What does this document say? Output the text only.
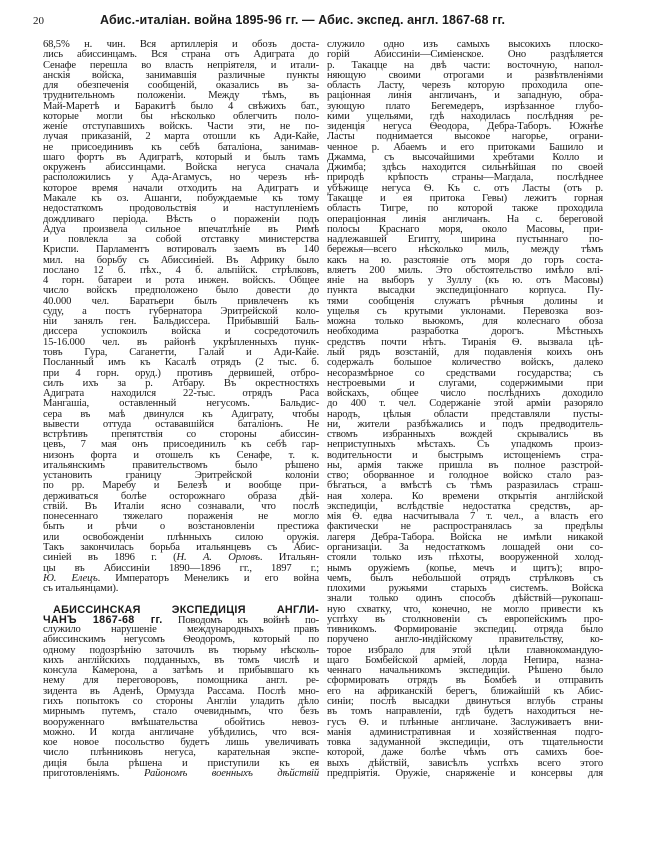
20	Абис.-италіан. война 1895-96 гг. — Абис. экспед. англ. 1867-68 гг.
68,5% н. чин. Вся артиллерія и обозъ доста-
лись абиссинцамъ. Вся страна отъ Адиграта до
Сенафе перешла во власть непріятеля, и итали-
анскія войска, занимавшія различные пункты
для обезпеченія сообщеній, оказались въ за-
труднительномъ положеніи. Между тѣмъ, въ
Май-Маретѣ и Баракитѣ было 4 свѣжихъ бат.,
которые могли бы нѣсколько облегчить поло-
женіе отступавшихъ войскъ. Части эти, не по-
лучая приказаній, 2 марта отошли къ Ади-Кайе,
не присоединивъ къ себѣ баталіона, занимав-
шаго фортъ въ Адигратѣ, который и былъ тамъ
окруженъ абиссинцами. Войска негуса сначала
расположились у Ада-Агамусъ, но черезъ нѣ-
которое время начали отходить на Адигратъ и
Макале къ оз. Ашанги, побуждаемые къ тому
недостаткомъ продовольствія и наступленіемъ
дождливаго періода. Вѣсть о пораженіи подъ
Адуа произвела сильное впечатлѣніе въ Римѣ
и повлекла за собой отставку министерства
Криспи. Парламентъ вотировалъ заемъ въ 140
мил. на борьбу съ Абиссиніей. Въ Африку было
послано 12 б. пѣх., 4 б. альпійск. стрѣлковъ,
4 горн. батареи и рота инжен. войскъ. Общее
число войскъ предположено было довести до
40.000 чел. Баратьери былъ привлеченъ къ
суду, а постъ губернатора Эритрейской коло-
ніи занялъ ген. Бальдиссера. Прибывшій Баль-
диссера успокоилъ войска и сосредоточилъ
15-16.000 чел. въ районѣ укрѣпленныхъ пунк-
товъ Гура, Саганетти, Галай и Ади-Кайе.
Посланный имъ къ Касалѣ отрядъ (2 тыс. б.
при 4 горн. оруд.) противъ дервишей, отбро-
силъ ихъ за р. Атбару. Въ окрестностяхъ
Адиграта находился 22-тыс. отрядъ Раса
Мангашіа, оставленный негусомъ. Бальдис-
сера въ маѣ двинулся къ Адиграту, чтобы
вывести оттуда остававшійся баталіонъ. Не
встрѣтивъ препятствія со стороны абиссин-
цевъ, 7 мая онъ присоединилъ къ себѣ гар-
низонъ форта и отошелъ къ Сенафе, т. к.
итальянскимъ правительствомъ было рѣшено
установить границу Эритрейской колоніи
по рр. Маребу и Белезѣ и вообще при-
держиваться болѣе осторожнаго образа дѣй-
ствій. Въ Италіи ясно сознавали, что послѣ
понесеннаго тяжелаго пораженія не могло
быть и рѣчи о возстановленіи престижа
или освобожденіи плѣнныхъ силою оружія.
Такъ закончилась борьба итальянцевъ съ Абис-
синіей въ 1896 г. (Н. А. Орловъ. Итальян-
цы въ Абиссиніи 1890—1896 гг., 1897 г.;
Ю. Елецъ. Императоръ Менеликъ и его война
съ итальянцами).
АБИССИНСКАЯ ЭКСПЕДИЦІЯ АНГЛИ-
ЧАНЪ 1867-68 гг. Поводомъ къ войнѣ по-
служило нарушеніе международныхъ правъ
абиссинскимъ негусомъ Ѳеодоромъ, который по
одному подозрѣнію заточилъ въ тюрьму нѣсколь-
кихъ англійскихъ подданныхъ, въ томъ числѣ и
консула Камерона, а затѣмъ и прибывшаго къ
нему для переговоровъ, помощника англ. ре-
зидента въ Аденѣ, Ормузда Рассама. Послѣ мно-
гихъ попытокъ со стороны Англіи уладить дѣло
мирнымъ путемъ, стало очевиднымъ, что безъ
вооруженнаго вмѣшательства обойтись невоз-
можно. И когда англичане убѣдились, что вся-
кое новое посольство будетъ лишь увеличивать
число плѣнниковъ негуса, карательная экспе-
диція была рѣшена и приступили къ ея
приготовленіямъ. Райономъ военныхъ дѣйствій
служило одно изъ самыхъ высокихъ плоско-
горій Абиссиніи—Симіенское. Оно раздѣляется
р. Такацце на двѣ части: восточную, напол-
няющую своими отрогами и развѣтвленіями
область Ласту, черезъ которую проходила опе-
раціонная линія англичанъ, и западную, обра-
зующую плато Бегемедеръ, изрѣзанное глубо-
кими ущельями, гдѣ находилась послѣдняя ре-
зиденція негуса Ѳеодора, Дебра-Таборъ. Южнѣе
Ласты поднимается высокое нагорье, ограни-
ченное р. Абаемъ и его притоками Башило и
Джамма, съ высочайшими хребтами Колло и
Джимба; здѣсь находится сильнѣйшая по своей
природѣ крѣпость страны—Магдала, послѣднее
убѣжище негуса Ѳ. Къ с. отъ Ласты (отъ р.
Такацце и ея притока Гевы) лежитъ горная
область Тигре, по которой также проходила
операціонная линія англичанъ. На с. береговой
полосы Краснаго моря, около Масовы, при-
надлежавшей Египту, ширина пустыннаго по-
бережья—всего нѣсколько миль, между тѣмъ
какъ на ю. разстояніе отъ моря до горъ соста-
вляетъ 200 миль. Это обстоятельство имѣло влі-
яніе на выборъ у Зуллу (къ ю. отъ Масовы)
пункта высадки экспедиціоннаго корпуса. Пу-
тями сообщенія служатъ рѣчныя долины и
ущелья съ крутыми уклонами. Перевозка воз-
можна только вьюкомъ, для колеснаго обоза
необходима разработка дорогъ. Мѣстныхъ
средствъ почти нѣтъ. Тиранія Ѳ. вызвала цѣ-
лый рядъ возстаній, для подавленія коихъ онъ
содержалъ большое количество войскъ, далеко
несоразмѣрное со средствами государства; съ
нестроевыми и слугами, содержимыми при
войскахъ, общее число послѣднихъ доходило
до 400 т. чел. Содержаніе этой арміи разоряло
народъ, цѣлыя области представляли пусты-
ни, жители разбѣжались и подъ предводитель-
ствомъ избранныхъ вождей скрывались въ
неприступныхъ мѣстахъ. Съ упадкомъ произ-
водительности и быстрымъ истощеніемъ стра-
ны, армія также пришла въ полное разстрой-
ство; оборванное и голодное войско стало раз-
бѣгаться, а вмѣстѣ съ тѣмъ разразилась страш-
ная холера. Ко времени открытія англійской
экспедиціи, вслѣдствіе недостатка средствъ, ар-
мія Ѳ. едва насчитывала 7 т. чел., а власть его
фактически не распространялась за предѣлы
лагеря Дебра-Табора. Войска не имѣли никакой
организаціи. За недостаткомъ лошадей они со-
стояли только изъ пѣхоты, вооруженной холод-
нымъ оружіемъ (копье, мечъ и щитъ); впро-
чемъ, былъ небольшой отрядъ стрѣлковъ съ
плохими ружьями старыхъ системъ. Войска
знали только одинъ способъ дѣйствій—рукопаш-
ную схватку, что, конечно, не могло привести къ
успѣху въ столкновеніи съ европейскимъ про-
тивникомъ. Формированіе экспедиц. отряда было
поручено англо-индійскому правительству, ко-
торое избрало для этой цѣли главнокомандую-
щаго Бомбейской арміей, лорда Непира, назна-
ченнаго начальникомъ экспедиціи. Рѣшено было
сформировать отрядъ въ Бомбеѣ и отправить
его на африканскій берегъ, ближайшій къ Абис-
синіи; послѣ высадки двинуться вглубь страны
въ томъ направленіи, гдѣ будетъ находиться не-
гусъ Ѳ. и плѣнные англичане. Заслуживаетъ вни-
манія административная и хозяйственная подго-
товка задуманной экспедиціи, отъ тщательности
которой, даже болѣе чѣмъ отъ самихъ бое-
выхъ дѣйствій, зависѣлъ успѣхъ всего этого
предпріятія. Оружіе, снаряженіе и консервы для
